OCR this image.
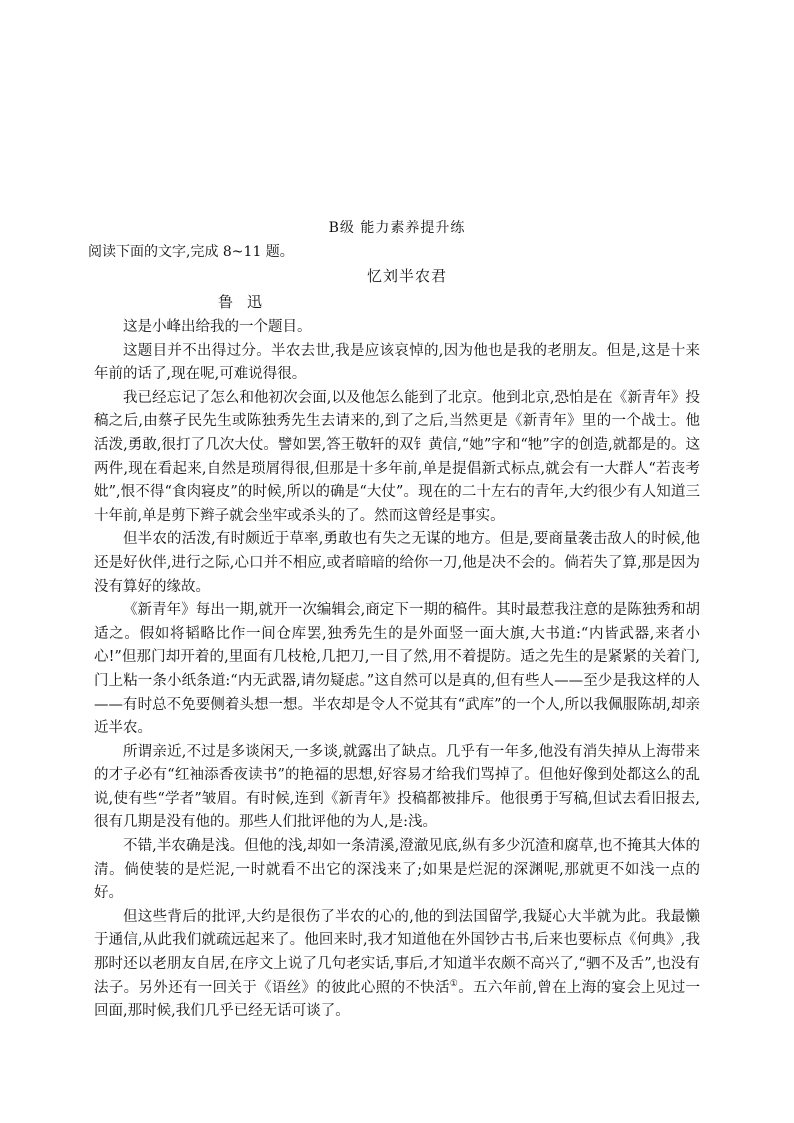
B级 能力素养提升练
阅读下面的文字,完成 8~11 题。
忆刘半农君
鲁迅

这是小峰出给我的一个题目。

这题目并不出得过分。半农去世,我是应该哀悼的,因为他也是我的老朋友。但是,这是十来年前的话了,现在呢,可难说得很。

我已经忘记了怎么和他初次会面,以及他怎么能到了北京。他到北京,恐怕是在《新青年》投稿之后,由蔡孑民先生或陈独秀先生去请来的,到了之后,当然更是《新青年》里的一个战士。他活泼,勇敢,很打了几次大仗。譬如罢,答王敬轩的双钅黄信,“她”字和“牠”字的创造,就都是的。这两件,现在看起来,自然是琐屑得很,但那是十多年前,单是提倡新式标点,就会有一大群人“若丧考妣”,恨不得“食肉寝皮”的时候,所以的确是“大仗”。现在的二十左右的青年,大约很少有人知道三十年前,单是剪下辫子就会坐牢或杀头的了。然而这曾经是事实。

但半农的活泼,有时颇近于草率,勇敢也有失之无谋的地方。但是,要商量袭击敌人的时候,他还是好伙伴,进行之际,心口并不相应,或者暗暗的给你一刀,他是决不会的。倘若失了算,那是因为没有算好的缘故。

《新青年》每出一期,就开一次编辑会,商定下一期的稿件。其时最惹我注意的是陈独秀和胡适之。假如将韬略比作一间仓库罢,独秀先生的是外面竖一面大旗,大书道:“内皆武器,来者小心!”但那门却开着的,里面有几枝枪,几把刀,一目了然,用不着提防。适之先生的是紧紧的关着门,门上粘一条小纸条道:“内无武器,请勿疑虑。”这自然可以是真的,但有些人——至少是我这样的人——有时总不免要侧着头想一想。半农却是令人不觉其有“武库”的一个人,所以我佩服陈胡,却亲近半农。

所谓亲近,不过是多谈闲天,一多谈,就露出了缺点。几乎有一年多,他没有消失掉从上海带来的才子必有“红袖添香夜读书”的艳福的思想,好容易才给我们骂掉了。但他好像到处都这么的乱说,使有些“学者”皱眉。有时候,连到《新青年》投稿都被排斥。他很勇于写稿,但试去看旧报去,很有几期是没有他的。那些人们批评他的为人,是:浅。

不错,半农确是浅。但他的浅,却如一条清溪,澄澈见底,纵有多少沉渣和腐草,也不掩其大体的清。倘使装的是烂泥,一时就看不出它的深浅来了;如果是烂泥的深渊呢,那就更不如浅一点的好。

但这些背后的批评,大约是很伤了半农的心的,他的到法国留学,我疑心大半就为此。我最懒于通信,从此我们就疏远起来了。他回来时,我才知道他在外国钞古书,后来也要标点《何典》,我那时还以老朋友自居,在序文上说了几句老实话,事后,才知道半农颇不高兴了,“驷不及舌”,也没有法子。另外还有一回关于《语丝》的彼此心照的不快活①。五六年前,曾在上海的宴会上见过一回面,那时候,我们几乎已经无话可谈了。
